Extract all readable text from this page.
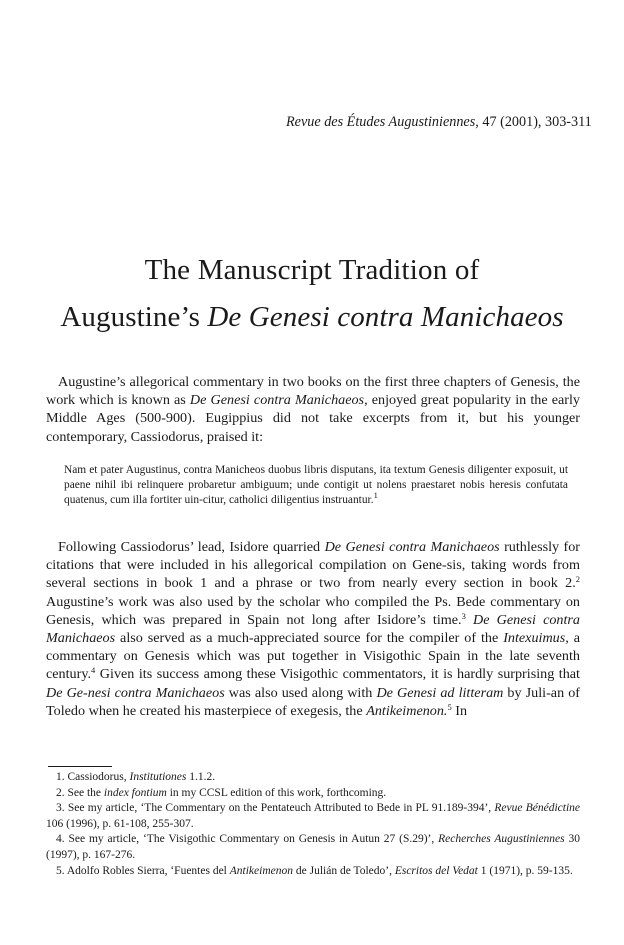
Revue des Études Augustiniennes, 47 (2001), 303-311
The Manuscript Tradition of
Augustine’s De Genesi contra Manichaeos

Augustine’s allegorical commentary in two books on the first three chapters of Genesis, the work which is known as De Genesi contra Manichaeos, enjoyed great popularity in the early Middle Ages (500-900). Eugippius did not take excerpts from it, but his younger contemporary, Cassiodorus, praised it:

Nam et pater Augustinus, contra Manicheos duobus libris disputans, ita textum Genesis diligenter exposuit, ut paene nihil ibi relinquere probaretur ambiguum; unde contigit ut nolens praestaret nobis heresis confutata quatenus, cum illa fortiter uin-citur, catholici diligentius instruantur.$^1$

Following Cassiodorus’ lead, Isidore quarried De Genesi contra Manichaeos ruthlessly for citations that were included in his allegorical compilation on Gene-sis, taking words from several sections in book 1 and a phrase or two from nearly every section in book 2.$^2$ Augustine’s work was also used by the scholar who compiled the Ps. Bede commentary on Genesis, which was prepared in Spain not long after Isidore’s time.$^3$ De Genesi contra Manichaeos also served as a much-appreciated source for the compiler of the Intexuimus, a commentary on Genesis which was put together in Visigothic Spain in the late seventh century.$^4$ Given its success among these Visigothic commentators, it is hardly surprising that De Ge-nesi contra Manichaeos was also used along with De Genesi ad litteram by Juli-an of Toledo when he created his masterpiece of exegesis, the Antikeimenon.$^5$ In

1. Cassiodorus, Institutiones 1.1.2.

2. See the index fontium in my CCSL edition of this work, forthcoming.

3. See my article, ‘The Commentary on the Pentateuch Attributed to Bede in PL 91.189-394’, Revue Bénédictine 106 (1996), p. 61-108, 255-307.

4. See my article, ‘The Visigothic Commentary on Genesis in Autun 27 (S.29)’, Recherches Augustiniennes 30 (1997), p. 167-276.

5. Adolfo Robles Sierra, ‘Fuentes del Antikeimenon de Julián de Toledo’, Escritos del Vedat 1 (1971), p. 59-135.
